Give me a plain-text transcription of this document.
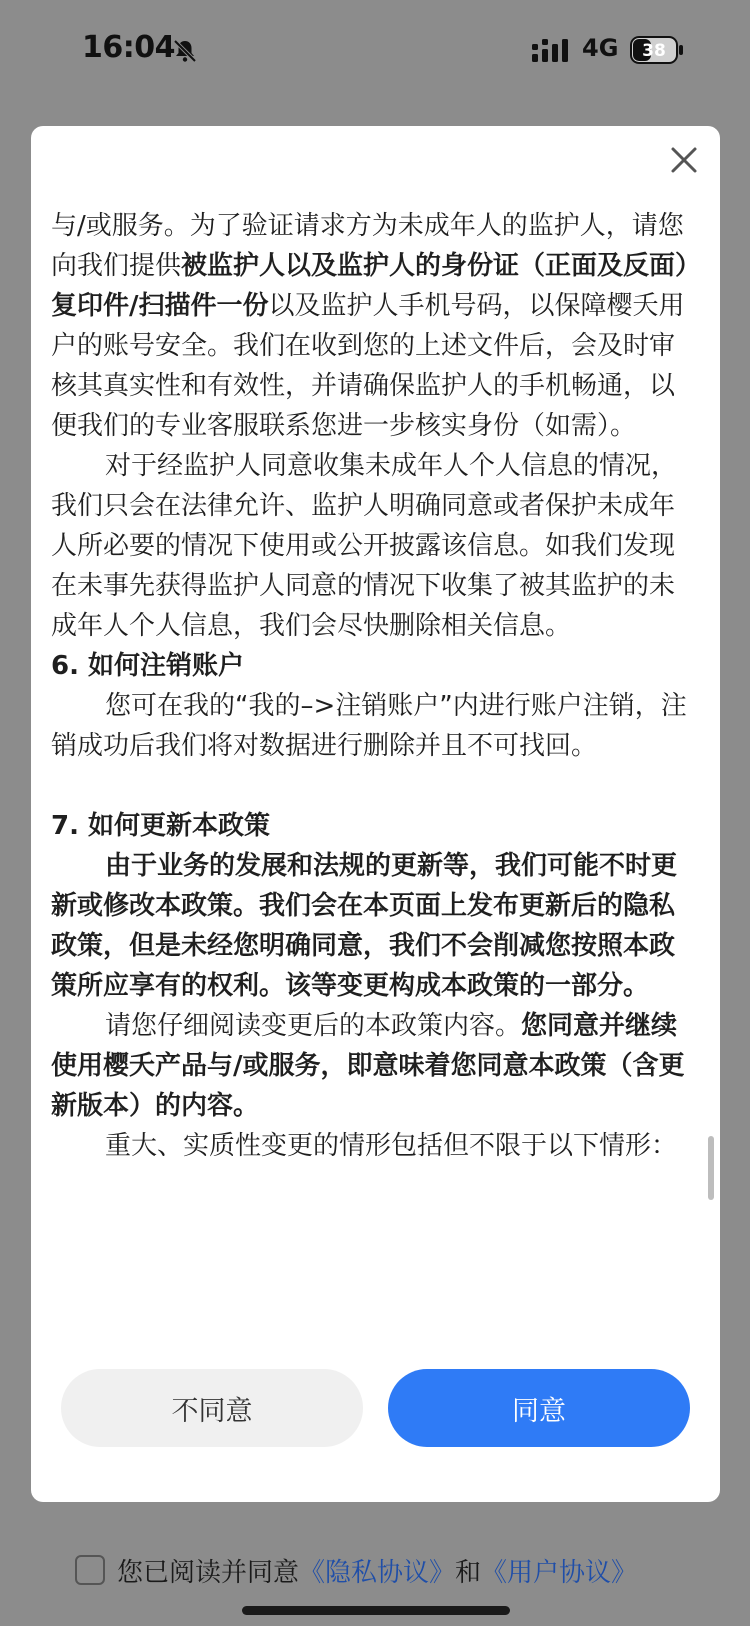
16:04	4G 38

与/或服务。为了验证请求方为未成年人的监护人，请您向我们提供被监护人以及监护人的身份证（正面及反面）复印件/扫描件一份以及监护人手机号码，以保障樱夭用户的账号安全。我们在收到您的上述文件后，会及时审核其真实性和有效性，并请确保监护人的手机畅通，以便我们的专业客服联系您进一步核实身份（如需）。

对于经监护人同意收集未成年人个人信息的情况，我们只会在法律允许、监护人明确同意或者保护未成年人所必要的情况下使用或公开披露该信息。如我们发现在未事先获得监护人同意的情况下收集了被其监护的未成年人个人信息，我们会尽快删除相关信息。

6. 如何注销账户

您可在我的“我的–>注销账户”内进行账户注销，注销成功后我们将对数据进行删除并且不可找回。

7. 如何更新本政策

由于业务的发展和法规的更新等，我们可能不时更新或修改本政策。我们会在本页面上发布更新后的隐私政策，但是未经您明确同意，我们不会削减您按照本政策所应享有的权利。该等变更构成本政策的一部分。

请您仔细阅读变更后的本政策内容。您同意并继续使用樱夭产品与/或服务，即意味着您同意本政策（含更新版本）的内容。

重大、实质性变更的情形包括但不限于以下情形：

不同意	同意
您已阅读并同意 《隐私协议》 和 《用户协议》
